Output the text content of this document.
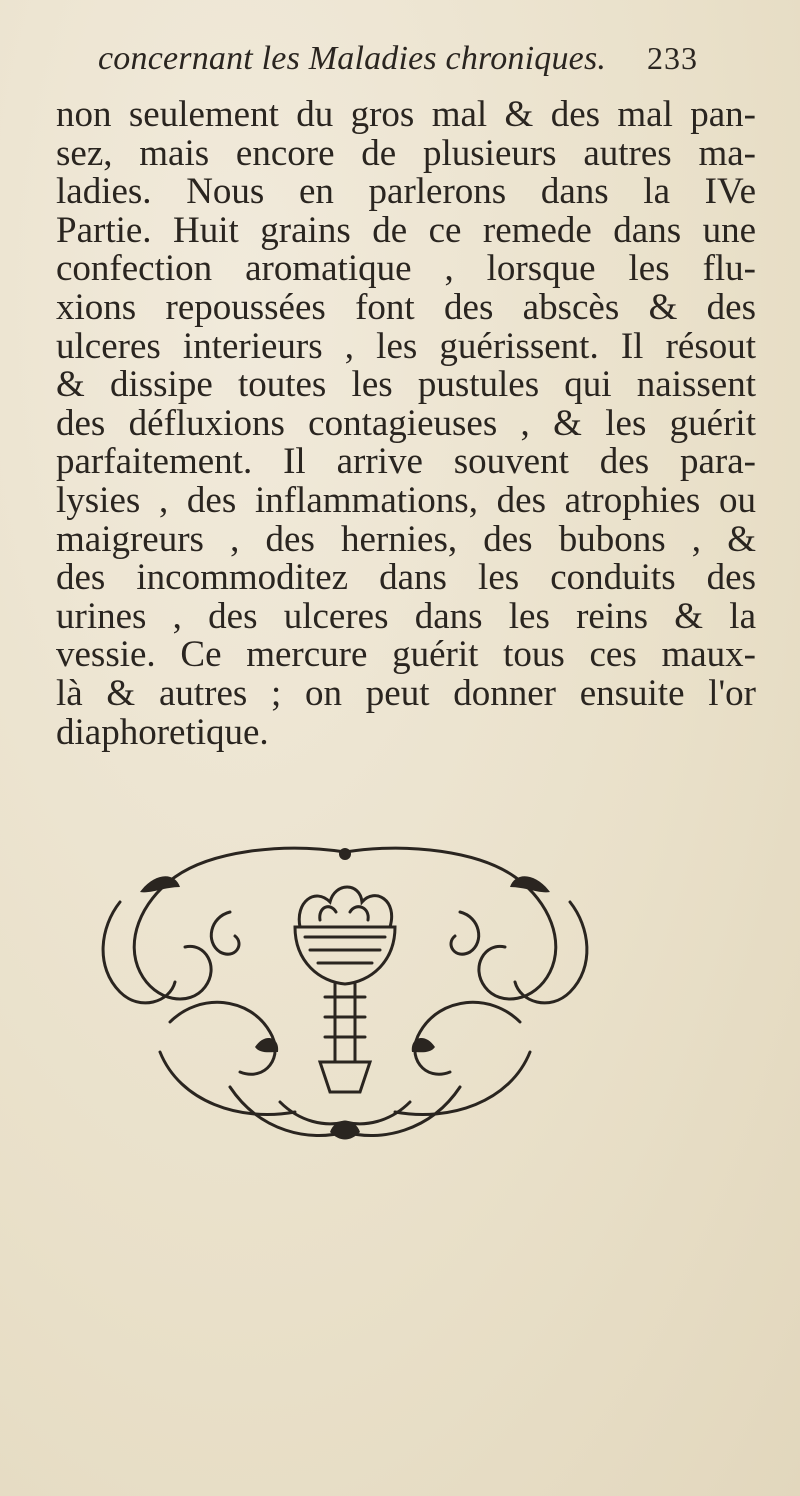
concernant les Maladies chroniques. 233
non seulement du gros mal & des mal pan-
sez, mais encore de plusieurs autres ma-
ladies. Nous en parlerons dans la IVe
Partie. Huit grains de ce remede dans une
confection aromatique , lorsque les flu-
xions repoussées font des abscès & des
ulceres interieurs , les guérissent. Il résout
& dissipe toutes les pustules qui naissent
des défluxions contagieuses , & les guérit
parfaitement. Il arrive souvent des para-
lysies , des inflammations, des atrophies ou
maigreurs , des hernies, des bubons , &
des incommoditez dans les conduits des
urines , des ulceres dans les reins & la
vessie. Ce mercure guérit tous ces maux-
là & autres ; on peut donner ensuite l'or
diaphoretique.
